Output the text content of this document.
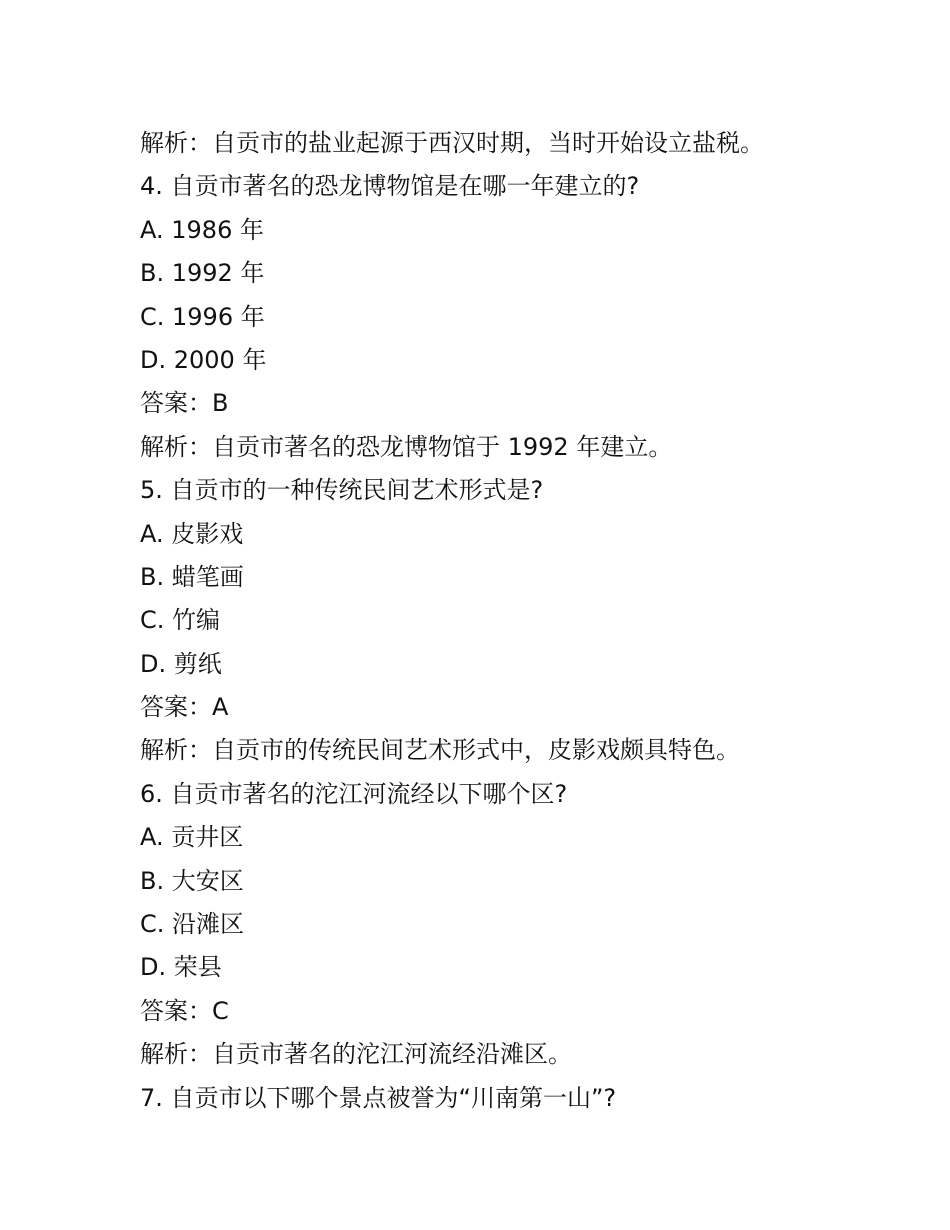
解析：自贡市的盐业起源于西汉时期，当时开始设立盐税。
4. 自贡市著名的恐龙博物馆是在哪一年建立的?
A. 1986 年
B. 1992 年
C. 1996 年
D. 2000 年
答案：B
解析：自贡市著名的恐龙博物馆于 1992 年建立。
5. 自贡市的一种传统民间艺术形式是?
A. 皮影戏
B. 蜡笔画
C. 竹编
D. 剪纸
答案：A
解析：自贡市的传统民间艺术形式中，皮影戏颇具特色。
6. 自贡市著名的沱江河流经以下哪个区?
A. 贡井区
B. 大安区
C. 沿滩区
D. 荣县
答案：C
解析：自贡市著名的沱江河流经沿滩区。
7. 自贡市以下哪个景点被誉为“川南第一山”?
